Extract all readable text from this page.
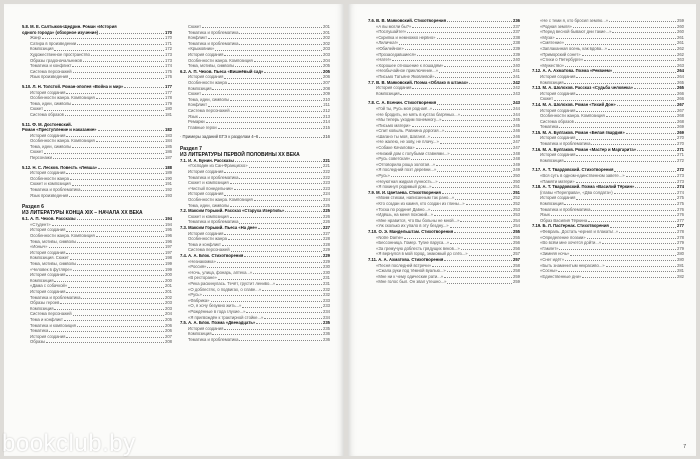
5.8. М. Е. Салтыков-Щедрин. Роман «История
одного города» (обзорное изучение)	170
Жанр	170
Сатира в произведении	171
Композиция	172
Художественное пространство	173
Образы градоначальников	173
Тематика и конфликт	174
Система персонажей	175
Язык произведения	176
5.10. Л. Н. Толстой. Роман-эпопея «Война и мир»	177
История создания	177
Особенности жанра. Композиция	178
Тема, идеи, символы	179
Сюжет	180
Система образов	181
5.11. Ф. М. Достоевский.
Роман «Преступление и наказание»	182
История создания	183
Особенности жанра. Композиция	184
Тема, идеи, символы	185
Сюжет	186
Персонажи	187
5.12. Н. С. Лесков. Повесть «Левша»	188
История создания	189
Особенности жанра	190
Сюжет и композиция	191
Тематика и проблематика	192
Язык произведения	193
Раздел 6
ИЗ ЛИТЕРАТУРЫ КОНЦА XIX – НАЧАЛА XX ВЕКА
6.1. А. П. Чехов. Рассказы	194
«Студент»	194
История создания	195
Особенности жанра. Композиция	196
Тема, мотивы, символы	196
«Ионыч»	197
История создания	197
Композиция. Сюжет	198
Тема, мотивы, символы	199
«Человек в футляре»	199
История создания	200
Композиция	200
«Дама с собачкой»	201
История создания	201
Тематика и проблематика	202
Образы героев	203
Композиция	203
Система персонажей	204
Тема и конфликт	205
Тематика и композиция	206
Тематика	206
История создания	207
Образы	208
Сюжет	201
Тематика и проблематика	201
Конфликт	202
Тематика и проблематика	202
«Крыжовник»	203
История создания	203
Особенности жанра. Композиция	204
Тема, мотивы, символы	205
6.2. А. П. Чехов. Пьеса «Вишнёвый сад»	205
История создания	206
Особенности жанра	207
Композиция	208
Сюжет	209
Тема, идеи, символы	210
Конфликт	211
Система персонажей	212
Язык	213
Ремарки	214
Главные герои	215
· Примеры заданий ЕГЭ к разделам 4–6	216
Раздел 7
ИЗ ЛИТЕРАТУРЫ ПЕРВОЙ ПОЛОВИНЫ XX ВЕКА
7.1. И. А. Бунин. Рассказы	221
«Господин из Сан-Франциско»	221
История создания	222
Тематика и проблематика	222
Сюжет и композиция	223
«Чистый понедельник»	223
История создания	224
Особенности жанра. Композиция	224
Тема, идеи, символы	225
7.2. Максим Горький. Рассказ «Старуха Изергиль»	225
Сюжет и композиция	226
Тематика и проблематика	226
7.3. Максим Горький. Пьеса «На дне»	227
История создания	227
Особенности жанра	228
Тема и конфликт	228
Система персонажей	229
7.4. А. А. Блок. Стихотворения	229
«Незнакомка»	229
«Россия»	230
«Ночь, улица, фонарь, аптека...»	230
«В ресторане»	231
«Река раскинулась. Течёт, грустит лениво...»	231
«О доблестях, о подвигах, о славе...»	232
«Русь»	232
«Фабрика»	233
«О, я хочу безумно жить...»	233
«Рождённые в года глухие...»	234
«Я пригвождён к трактирной стойке...»	234
7.5. А. А. Блок. Поэма «Двенадцать»	235
История создания	235
Композиция	236
Тематика и проблематика	236
7.6. В. В. Маяковский. Стихотворения	236
«А вы могли бы?»	237
«Послушайте!»	237
«Скрипка и немножко нервно»	238
«Лиличка!»	238
«Юбилейное»	239
«Прозаседавшиеся»	239
«Нате!»	240
«Хорошее отношение к лошадям»	240
«Необычайное приключение...»	241
«Письмо Татьяне Яковлевой»	241
7.7. В. В. Маяковский. Поэма «Облако в штанах»	242
История создания	242
Композиция	243
7.8. С. А. Есенин. Стихотворения	243
«Гой ты, Русь моя родная!..»	244
«Не бродить, не мять в кустах багряных...»	244
«Мы теперь уходим понемногу...»	245
«Письмо матери»	245
«Спит ковыль. Равнина дорогая...»	246
«Шаганэ ты моя, Шаганэ!..»	246
«Не жалею, не зову, не плачу...»	247
«Собаке Качалова»	247
«Низкий дом с голубыми ставнями...»	248
«Русь советская»	248
«Отговорила роща золотая...»	249
«Я последний поэт деревни...»	249
«Русь»	250
«Неуютная жидкая лунность...»	250
«Я покинул родимый дом...»	251
7.9. М. И. Цветаева. Стихотворения	251
«Моим стихам, написанным так рано...»	252
«Кто создан из камня, кто создан из глины...»	252
«Тоска по родине! Давно...»	253
«Идёшь, на меня похожий...»	253
«Мне нравится, что Вы больны не мной...»	254
«Уж сколько их упало в эту бездну...»	254
7.10. О. Э. Мандельштам. Стихотворения	255
«Notre Dame»	255
«Бессонница. Гомер. Тугие паруса...»	256
«За гремучую доблесть грядущих веков...»	256
«Я вернулся в мой город, знакомый до слёз...»	257
7.11. А. А. Ахматова. Стихотворения	257
«Песня последней встречи»	258
«Сжала руки под тёмной вуалью...»	258
«Мне ни к чему одические рати...»	259
«Мне голос был. Он звал утешно...»	259
«Не с теми я, кто бросил землю...»	259
«Родная земля»	260
«Перед весной бывают дни такие...»	260
«Муза»	261
«Смятение»	261
«Заплаканная осень, как вдова...»	262
«Приморский сонет»	262
«Стихи о Петербурге»	263
«Мужество»	263
7.12. А. А. Ахматова. Поэма «Реквием»	264
История создания	264
Композиция	265
7.13. М. А. Шолохов. Рассказ «Судьба человека»	265
История создания	266
Сюжет	266
7.14. М. А. Шолохов. Роман «Тихий Дон»	267
История создания	267
Особенности жанра. Композиция	268
Система образов	268
Тематика	269
7.15. М. А. Булгаков. Роман «Белая гвардия»	269
История создания	270
Тематика и проблематика	270
7.16. М. А. Булгаков. Роман «Мастер и Маргарита»	271
История создания	271
Композиция	272
7.17. А. Т. Твардовский. Стихотворения	272
«Вся суть в одном-единственном завете...»	273
«Памяти матери»	273
7.18. А. Т. Твардовский. Поэма «Василий Тёркин»	274
(главы «Переправа», «Два солдата»)	274
История создания	275
Композиция	275
Тематика и проблематика	276
Язык	276
Образ Василия Тёркина	277
7.19. Б. Л. Пастернак. Стихотворения	277
«Февраль. Достать чернил и плакать!..»	278
«Определение поэзии»	278
«Во всём мне хочется дойти...»	279
«Гамлет»	279
«Зимняя ночь»	280
«Снег идёт»	280
«Быть знаменитым некрасиво...»	281
«Сосны»	281
«Единственные дни»	282
7
bookclub.by
